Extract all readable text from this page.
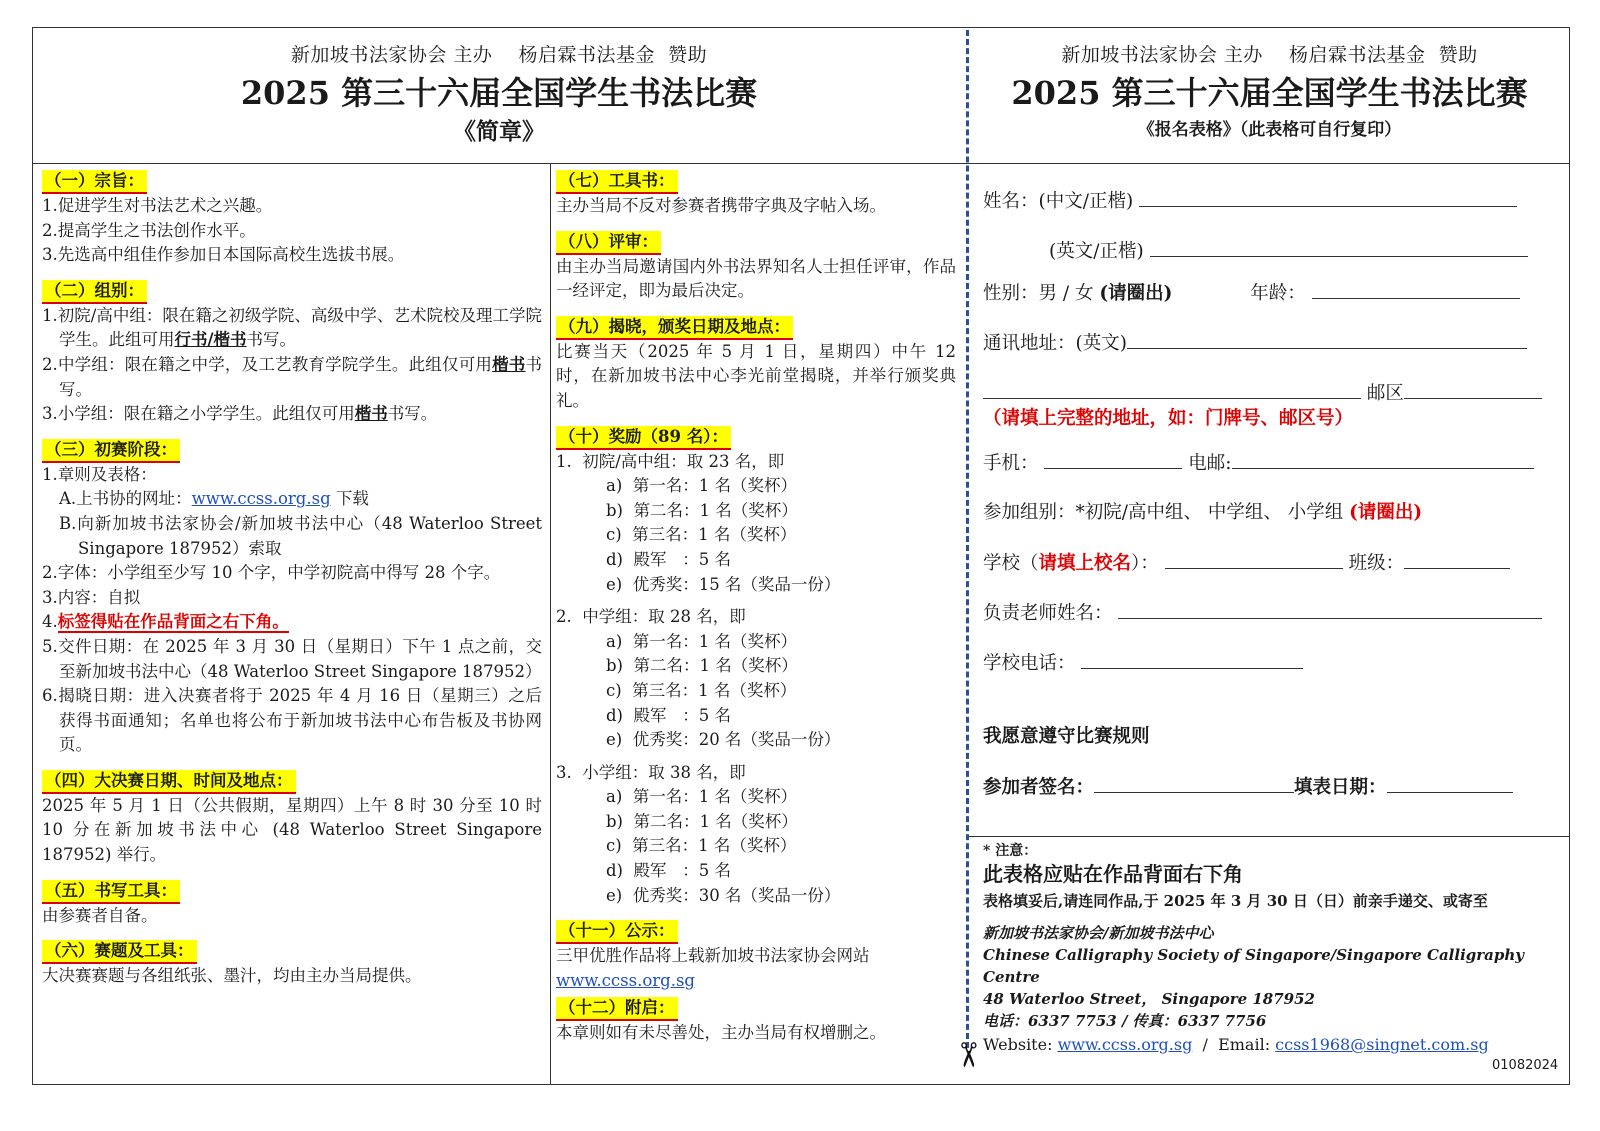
✂
新加坡书法家协会 主办    杨启霖书法基金  赞助
2025 第三十六届全国学生书法比赛
《简章》
新加坡书法家协会 主办    杨启霖书法基金  赞助
2025 第三十六届全国学生书法比赛
《报名表格》（此表格可自行复印）
（一）宗旨：
1.促进学生对书法艺术之兴趣。
2.提高学生之书法创作水平。
3.先选高中组佳作参加日本国际高校生选拔书展。
（二）组别：
1.初院/高中组：限在籍之初级学院、高级中学、艺术院校及理工学院学生。此组可用行书/楷书书写。
2.中学组：限在籍之中学，及工艺教育学院学生。此组仅可用楷书书写。
3.小学组：限在籍之小学学生。此组仅可用楷书书写。
（三）初赛阶段：
1.章则及表格：
A.上书协的网址：www.ccss.org.sg 下载
B.向新加坡书法家协会/新加坡书法中心（48 Waterloo Street Singapore 187952）索取
2.字体：小学组至少写 10 个字，中学初院高中得写 28 个字。
3.内容：自拟
4.标签得贴在作品背面之右下角。
5.交件日期：在 2025 年 3 月 30 日（星期日）下午 1 点之前，交至新加坡书法中心（48 Waterloo Street Singapore 187952）
6.揭晓日期：进入决赛者将于 2025 年 4 月 16 日（星期三）之后获得书面通知；名单也将公布于新加坡书法中心布告板及书协网页。
（四）大决赛日期、时间及地点：
2025 年 5 月 1 日（公共假期，星期四）上午 8 时 30 分至 10 时 10 分在新加坡书法中心 (48 Waterloo Street Singapore 187952) 举行。
（五）书写工具：
由参赛者自备。
（六）赛题及工具：
大决赛赛题与各组纸张、墨汁，均由主办当局提供。
（七）工具书：
主办当局不反对参赛者携带字典及字帖入场。
（八）评审：
由主办当局邀请国内外书法界知名人士担任评审，作品一经评定，即为最后决定。
（九）揭晓，颁奖日期及地点：
比赛当天（2025 年 5 月 1 日，星期四）中午 12 时，在新加坡书法中心李光前堂揭晓，并举行颁奖典礼。
（十）奖励（89 名）：
1.  初院/高中组：取 23 名，即
a)  第一名：1 名（奖杯）
b)  第二名：1 名（奖杯）
c)  第三名：1 名（奖杯）
d)  殿军   ：5 名
e)  优秀奖：15 名（奖品一份）
2.  中学组：取 28 名，即
a)  第一名：1 名（奖杯）
b)  第二名：1 名（奖杯）
c)  第三名：1 名（奖杯）
d)  殿军   ：5 名
e)  优秀奖：20 名（奖品一份）
3.  小学组：取 38 名，即
a)  第一名：1 名（奖杯）
b)  第二名：1 名（奖杯）
c)  第三名：1 名（奖杯）
d)  殿军   ：5 名
e)  优秀奖：30 名（奖品一份）
（十一）公示：
三甲优胜作品将上载新加坡书法家协会网站
www.ccss.org.sg
（十二）附启：
本章则如有未尽善处，主办当局有权增删之。
姓名：(中文/正楷)
(英文/正楷)
性别：男 / 女 (请圈出)	年龄：
通讯地址：(英文)
邮区
（请填上完整的地址，如：门牌号、邮区号）
手机：	电邮:
参加组别：*初院/高中组、 中学组、 小学组 (请圈出)
学校（请填上校名）：	班级：
负责老师姓名：
学校电话：
我愿意遵守比赛规则
参加者签名：	填表日期：
* 注意：
此表格应贴在作品背面右下角
表格填妥后,请连同作品,于 2025 年 3 月 30 日（日）前亲手递交、或寄至
新加坡书法家协会/新加坡书法中心
Chinese Calligraphy Society of Singapore/Singapore Calligraphy Centre
48 Waterloo Street， Singapore 187952
电话：6337 7753 / 传真：6337 7756
Website: www.ccss.org.sg  /  Email: ccss1968@singnet.com.sg
01082024
